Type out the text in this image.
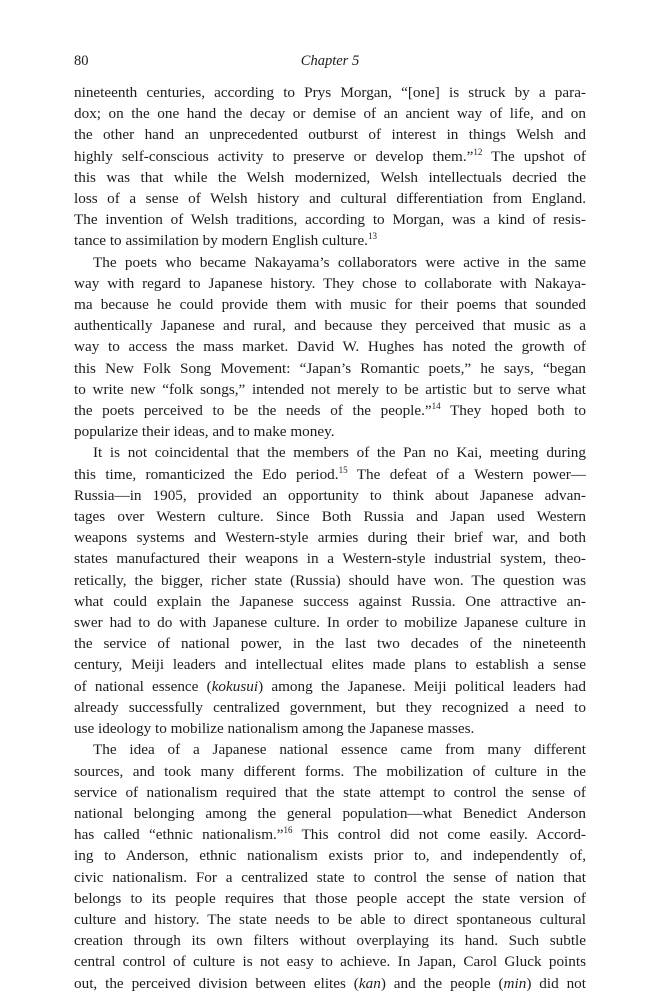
80	Chapter 5

nineteenth centuries, according to Prys Morgan, “[one] is struck by a para-
dox; on the one hand the decay or demise of an ancient way of life, and on
the other hand an unprecedented outburst of interest in things Welsh and
highly self-conscious activity to preserve or develop them.”$^{12}$ The upshot of
this was that while the Welsh modernized, Welsh intellectuals decried the
loss of a sense of Welsh history and cultural differentiation from England.
The invention of Welsh traditions, according to Morgan, was a kind of resis-
tance to assimilation by modern English culture.$^{13}$

The poets who became Nakayama’s collaborators were active in the same
way with regard to Japanese history. They chose to collaborate with Nakaya-
ma because he could provide them with music for their poems that sounded
authentically Japanese and rural, and because they perceived that music as a
way to access the mass market. David W. Hughes has noted the growth of
this New Folk Song Movement: “Japan’s Romantic poets,” he says, “began
to write new “folk songs,” intended not merely to be artistic but to serve what
the poets perceived to be the needs of the people.”$^{14}$ They hoped both to
popularize their ideas, and to make money.

It is not coincidental that the members of the Pan no Kai, meeting during
this time, romanticized the Edo period.$^{15}$ The defeat of a Western power—
Russia—in 1905, provided an opportunity to think about Japanese advan-
tages over Western culture. Since Both Russia and Japan used Western
weapons systems and Western-style armies during their brief war, and both
states manufactured their weapons in a Western-style industrial system, theo-
retically, the bigger, richer state (Russia) should have won. The question was
what could explain the Japanese success against Russia. One attractive an-
swer had to do with Japanese culture. In order to mobilize Japanese culture in
the service of national power, in the last two decades of the nineteenth
century, Meiji leaders and intellectual elites made plans to establish a sense
of national essence (kokusui) among the Japanese. Meiji political leaders had
already successfully centralized government, but they recognized a need to
use ideology to mobilize nationalism among the Japanese masses.

The idea of a Japanese national essence came from many different
sources, and took many different forms. The mobilization of culture in the
service of nationalism required that the state attempt to control the sense of
national belonging among the general population—what Benedict Anderson
has called “ethnic nationalism.”$^{16}$ This control did not come easily. Accord-
ing to Anderson, ethnic nationalism exists prior to, and independently of,
civic nationalism. For a centralized state to control the sense of nation that
belongs to its people requires that those people accept the state version of
culture and history. The state needs to be able to direct spontaneous cultural
creation through its own filters without overplaying its hand. Such subtle
central control of culture is not easy to achieve. In Japan, Carol Gluck points
out, the perceived division between elites (kan) and the people (min) did not
